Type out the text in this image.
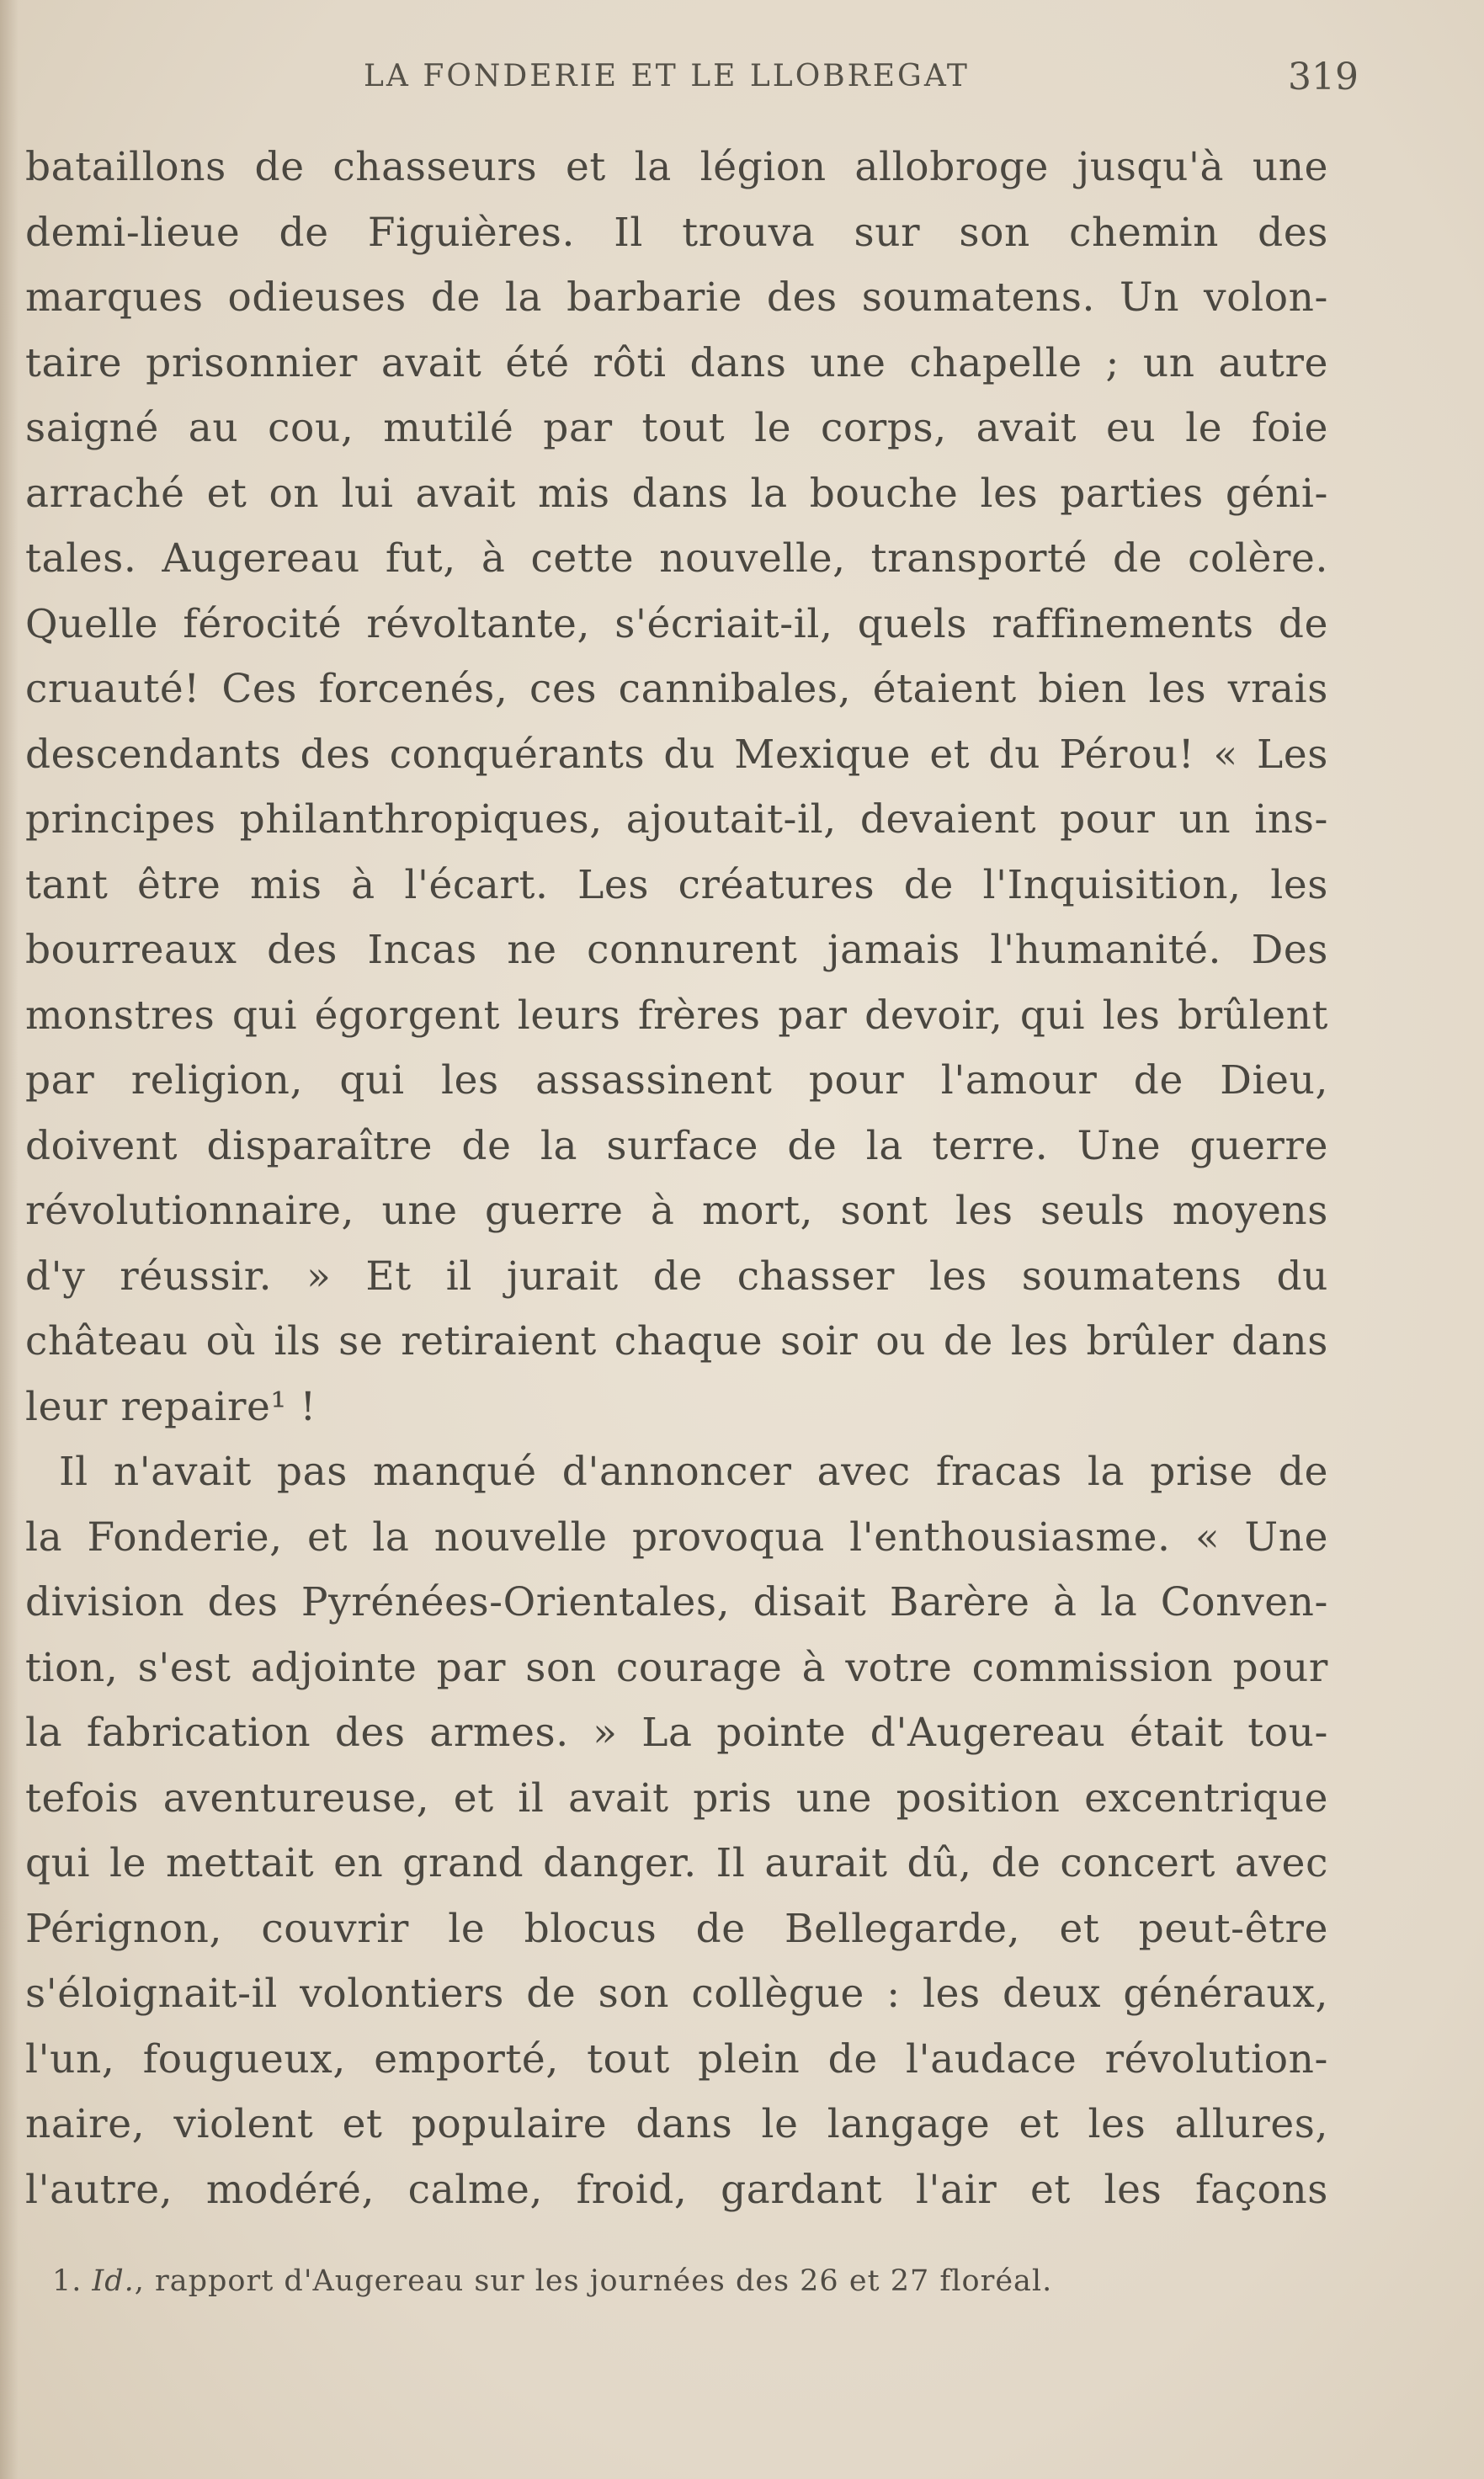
LA FONDERIE ET LE LLOBREGAT	319
bataillons de chasseurs et la légion allobroge jusqu'à une
demi-lieue de Figuières. Il trouva sur son chemin des
marques odieuses de la barbarie des soumatens. Un volon-
taire prisonnier avait été rôti dans une chapelle ; un autre
saigné au cou, mutilé par tout le corps, avait eu le foie
arraché et on lui avait mis dans la bouche les parties géni-
tales. Augereau fut, à cette nouvelle, transporté de colère.
Quelle férocité révoltante, s'écriait-il, quels raffinements de
cruauté! Ces forcenés, ces cannibales, étaient bien les vrais
descendants des conquérants du Mexique et du Pérou! « Les
principes philanthropiques, ajoutait-il, devaient pour un ins-
tant être mis à l'écart. Les créatures de l'Inquisition, les
bourreaux des Incas ne connurent jamais l'humanité. Des
monstres qui égorgent leurs frères par devoir, qui les brûlent
par religion, qui les assassinent pour l'amour de Dieu,
doivent disparaître de la surface de la terre. Une guerre
révolutionnaire, une guerre à mort, sont les seuls moyens
d'y réussir. » Et il jurait de chasser les soumatens du
château où ils se retiraient chaque soir ou de les brûler dans
leur repaire¹ !
Il n'avait pas manqué d'annoncer avec fracas la prise de
la Fonderie, et la nouvelle provoqua l'enthousiasme. « Une
division des Pyrénées-Orientales, disait Barère à la Conven-
tion, s'est adjointe par son courage à votre commission pour
la fabrication des armes. » La pointe d'Augereau était tou-
tefois aventureuse, et il avait pris une position excentrique
qui le mettait en grand danger. Il aurait dû, de concert avec
Pérignon, couvrir le blocus de Bellegarde, et peut-être
s'éloignait-il volontiers de son collègue : les deux généraux,
l'un, fougueux, emporté, tout plein de l'audace révolution-
naire, violent et populaire dans le langage et les allures,
l'autre, modéré, calme, froid, gardant l'air et les façons
1. Id., rapport d'Augereau sur les journées des 26 et 27 floréal.
